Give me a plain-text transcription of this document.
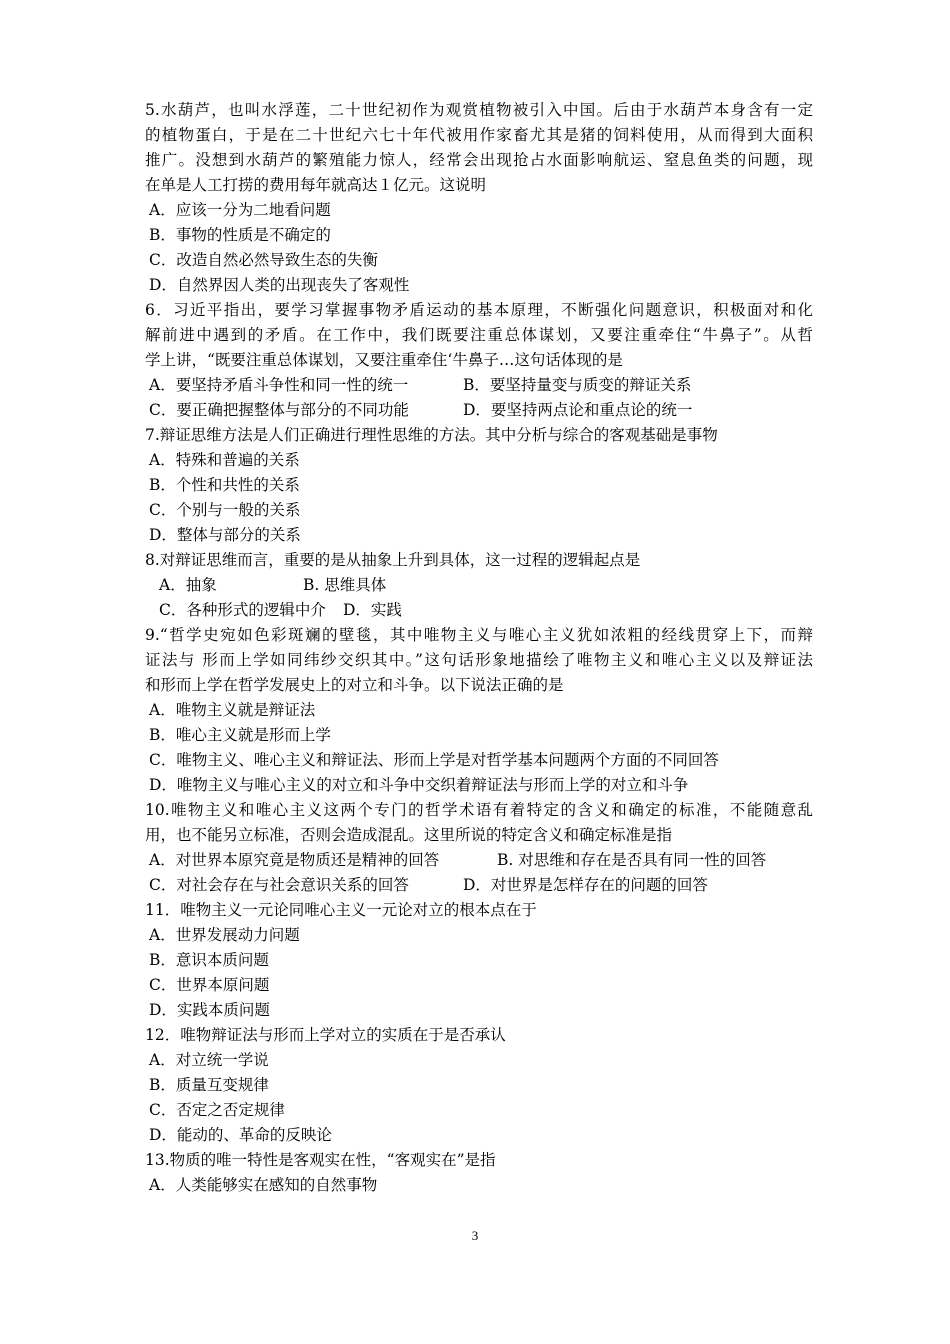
5.水葫芦，也叫水浮莲，二十世纪初作为观赏植物被引入中国。后由于水葫芦本身含有一定
的植物蛋白，于是在二十世纪六七十年代被用作家畜尤其是猪的饲料使用，从而得到大面积
推广。没想到水葫芦的繁殖能力惊人，经常会出现抢占水面影响航运、窒息鱼类的问题，现
在单是人工打捞的费用每年就高达１亿元。这说明
A．应该一分为二地看问题
B．事物的性质是不确定的
C．改造自然必然导致生态的失衡
D．自然界因人类的出现丧失了客观性
6．习近平指出，要学习掌握事物矛盾运动的基本原理，不断强化问题意识，积极面对和化
解前进中遇到的矛盾。在工作中，我们既要注重总体谋划，又要注重牵住“牛鼻子”。从哲
学上讲，“既要注重总体谋划，又要注重牵住‘牛鼻子…这句话体现的是
A．要坚持矛盾斗争性和同一性的统一	B．要坚持量变与质变的辩证关系
C．要正确把握整体与部分的不同功能	D．要坚持两点论和重点论的统一
7.辩证思维方法是人们正确进行理性思维的方法。其中分析与综合的客观基础是事物
A．特殊和普遍的关系
B．个性和共性的关系
C．个别与一般的关系
D．整体与部分的关系
8.对辩证思维而言，重要的是从抽象上升到具体，这一过程的逻辑起点是
A．抽象	B. 思维具体
C．各种形式的逻辑中介	D．实践
9.“哲学史宛如色彩斑斓的壁毯，其中唯物主义与唯心主义犹如浓粗的经线贯穿上下，而辩
证法与 形而上学如同纬纱交织其中。”这句话形象地描绘了唯物主义和唯心主义以及辩证法
和形而上学在哲学发展史上的对立和斗争。以下说法正确的是
A．唯物主义就是辩证法
B．唯心主义就是形而上学
C．唯物主义、唯心主义和辩证法、形而上学是对哲学基本问题两个方面的不同回答
D．唯物主义与唯心主义的对立和斗争中交织着辩证法与形而上学的对立和斗争
10.唯物主义和唯心主义这两个专门的哲学术语有着特定的含义和确定的标准，不能随意乱
用，也不能另立标准，否则会造成混乱。这里所说的特定含义和确定标准是指
A．对世界本原究竟是物质还是精神的回答	B. 对思维和存在是否具有同一性的回答
C．对社会存在与社会意识关系的回答	D．对世界是怎样存在的问题的回答
11．唯物主义一元论同唯心主义一元论对立的根本点在于
A．世界发展动力问题
B．意识本质问题
C．世界本原问题
D．实践本质问题
12．唯物辩证法与形而上学对立的实质在于是否承认
A．对立统一学说
B．质量互变规律
C．否定之否定规律
D．能动的、革命的反映论
13.物质的唯一特性是客观实在性，“客观实在”是指
A．人类能够实在感知的自然事物
3
